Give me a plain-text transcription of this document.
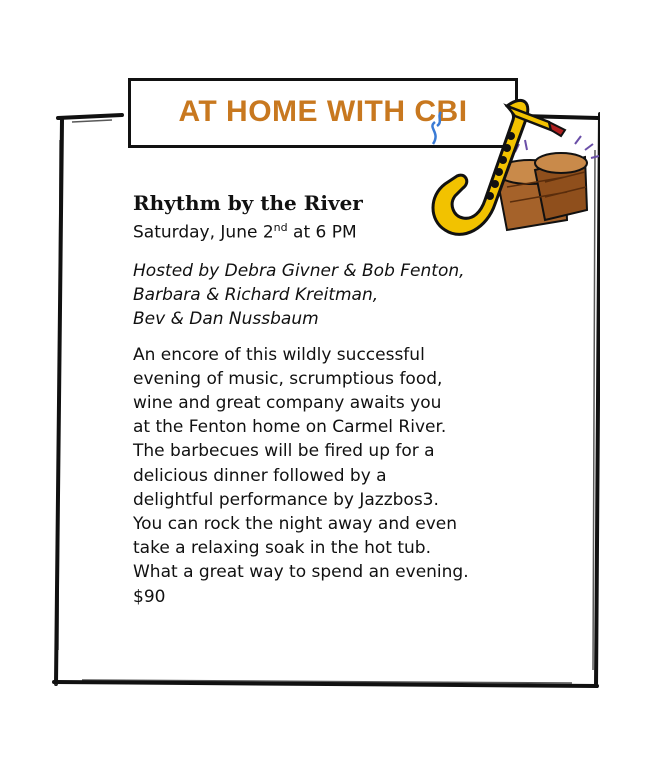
AT HOME WITH CBI
Rhythm by the River
Saturday, June 2nd at 6 PM
Hosted by Debra Givner & Bob Fenton,
Barbara & Richard Kreitman,
Bev & Dan Nussbaum
An encore of this wildly successful
evening of music, scrumptious food,
wine and great company awaits you
at the Fenton home on Carmel River.
The barbecues will be fired up for a
delicious dinner followed by a
delightful performance by Jazzbos3.
You can rock the night away and even
take a relaxing soak in the hot tub.
What a great way to spend an evening.
$90
